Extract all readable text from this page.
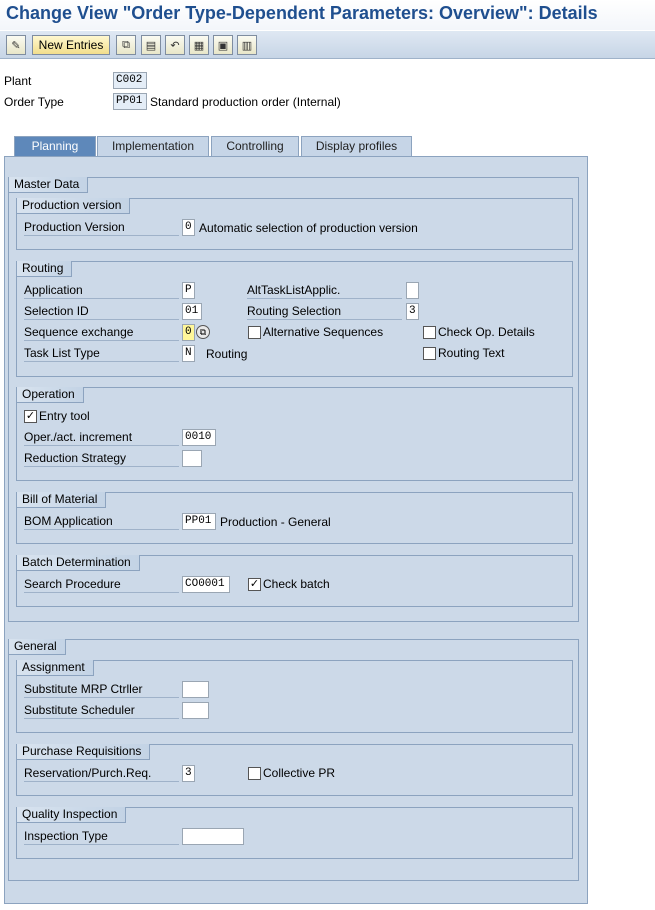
Change View "Order Type-Dependent Parameters: Overview": Details
✎	New Entries	⧉	▤	↶	▦	▣	▥
Plant	C002
Order Type	PP01 Standard production order (Internal)
Planning	Implementation	Controlling	Display profiles
Master Data
Production version
Production Version	0 Automatic selection of production version
Routing
Application	P	AltTaskListApplic.
Selection ID	01	Routing Selection	3
Sequence exchange	0 ⧉	Alternative Sequences	Check Op. Details
Task List Type	N Routing	Routing Text
Operation
✓ Entry tool
Oper./act. increment	0010
Reduction Strategy
Bill of Material
BOM Application	PP01 Production - General
Batch Determination
Search Procedure	CO0001	✓ Check batch
General
Assignment
Substitute MRP Ctrller
Substitute Scheduler
Purchase Requisitions
Reservation/Purch.Req.	3	Collective PR
Quality Inspection
Inspection Type
